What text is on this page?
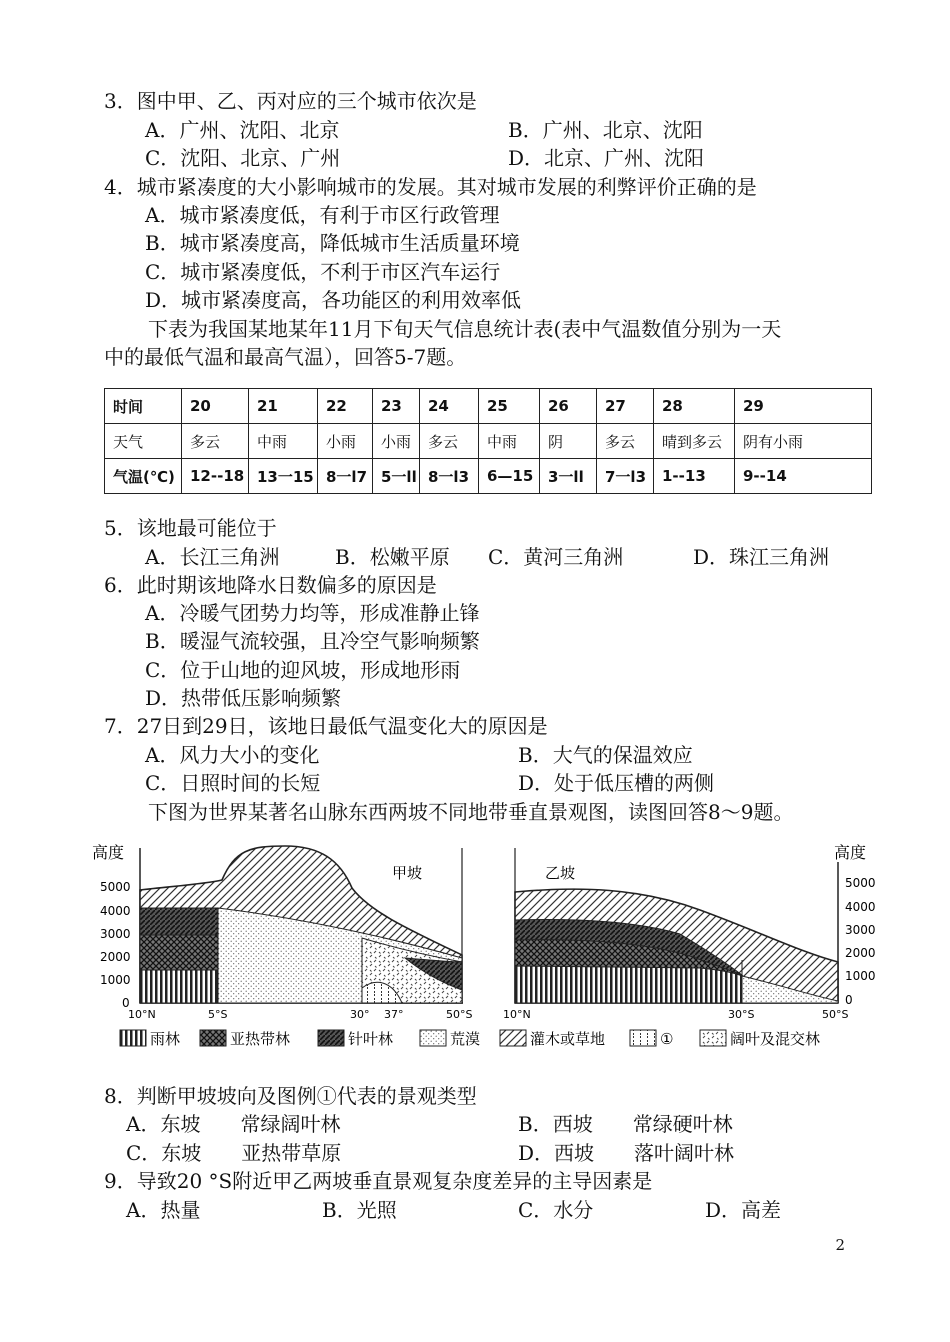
3．图中甲、乙、丙对应的三个城市依次是
A．广州、沈阳、北京	B．广州、北京、沈阳
C．沈阳、北京、广州	D．北京、广州、沈阳
4．城市紧凑度的大小影响城市的发展。其对城市发展的利弊评价正确的是
A．城市紧凑度低，有利于市区行政管理
B．城市紧凑度高，降低城市生活质量环境
C．城市紧凑度低，不利于市区汽车运行
D．城市紧凑度高，各功能区的利用效率低
下表为我国某地某年11月下旬天气信息统计表(表中气温数值分别为一天
中的最低气温和最高气温），回答5-7题。
时间	20	21	22	23	24	25	26	27	28	29
天气	多云	中雨	小雨	小雨	多云	中雨	阴	多云	晴到多云	阴有小雨
气温(℃)	12--18	13一15	8一l7	5一ll	8一l3	6—15	3一ll	7一l3	1--13	9--14
5．该地最可能位于
A．长江三角洲	B．松嫩平原 C．黄河三角洲	D．珠江三角洲
6．此时期该地降水日数偏多的原因是
A．冷暖气团势力均等，形成准静止锋
B．暖湿气流较强，且冷空气影响频繁
C．位于山地的迎风坡，形成地形雨
D．热带低压影响频繁
7．27日到29日，该地日最低气温变化大的原因是
A．风力大小的变化	B．大气的保温效应
C．日照时间的长短	D．处于低压槽的两侧
下图为世界某著名山脉东西两坡不同地带垂直景观图，读图回答8～9题。
高度
5000
4000
3000
2000
1000
0
甲坡
10°N	5°S	30° 37°	50°S
高度
5000
4000
3000
2000
1000
0
乙坡
10°N	30°S	50°S
雨林	亚热带林	针叶林	荒漠	灌木或草地	①	阔叶及混交林
8．判断甲坡坡向及图例①代表的景观类型
A．东坡　　常绿阔叶林	B．西坡　　常绿硬叶林
C．东坡　　亚热带草原	D．西坡　　落叶阔叶林
9．导致20 °S附近甲乙两坡垂直景观复杂度差异的主导因素是
A．热量	B．光照	C．水分	D．高差
2
